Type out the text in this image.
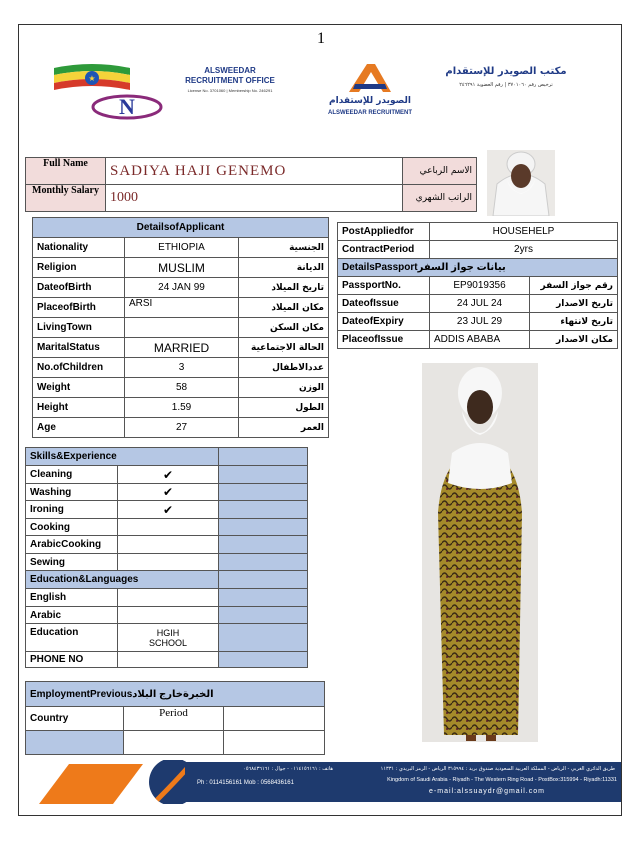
1
★
N
ALSWEEDAR
RECRUITMENT OFFICE
License No. 3701060 | Membership No. 246291
الصويدر للإستقدام
ALSWEEDAR RECRUITMENT
مكتب الصويدر للإستقدام
ترخيص رقم ٣٧٠١٠٦٠ | رقم العضوية ٢٤٦٢٩١
Full Name	SADIYA HAJI GENEMO	الاسم الرباعي
Monthly Salary	1000	الراتب الشهري
DetailsofApplicant		
Nationality	ETHIOPIA	الجنسية
Religion	MUSLIM	الديانة
DateofBirth	24 JAN 99	تاريخ الميلاد
PlaceofBirth	ARSI	مكان الميلاد
LivingTown		مكان السكن
MaritalStatus	MARRIED	الحالة الاجتماعية
No.ofChildren	3	عددالاطفال
Weight	58	الوزن
Height	1.59	الطول
Age	27	العمر
PostAppliedfor	HOUSEHELP	
ContractPeriod	2yrs	
DetailsPassportبيانات جواز السفر		
PassportNo.	EP9019356	رقم جواز السفر
DateofIssue	24 JUL 24	تاريخ الاصدار
DateofExpiry	23 JUL 29	تاريخ لانتهاء
PlaceofIssue	ADDIS ABABA	مكان الاصدار
Skills&Experience		
Cleaning	✔	
Washing	✔	
Ironing	✔	
Cooking		
ArabicCooking		
Sewing		
Education&Languages		
English		
Arabic		
Education	HGIH
SCHOOL	
PHONE NO		
EmploymentPreviousالخبرةخارج البلاد		
Country	Period	

هاتف : ٠١١٤١٥٦١٦١ - جوال : ٠٥٦٨٤٣٦١٦١
Ph : 0114156161 Mob : 0568436161
طريق الدائري الغربي - الرياض - المملكة العربية السعودية صندوق بريد : ٣١٥٩٩٤ الرياض - الرمز البريدي : ١١٣٣١
Kingdom of Saudi Arabia - Riyadh - The Western Ring Road - PostBox:315994 - Riyadh:11331
e-mail:alssuaydr@gmail.com
